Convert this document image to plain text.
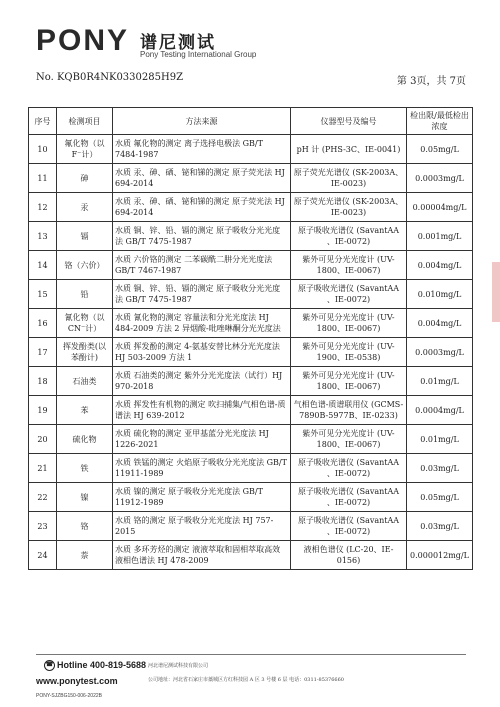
PONY 谱尼测试
Pony Testing International Group
No. KQB0R4NK0330285H9Z	第 3页，共 7页
序号	检测项目	方法来源	仪器型号及编号	检出限/最低检出浓度
10	氟化物（以 F⁻计）	水质 氟化物的测定 离子选择电极法 GB/T 7484-1987	pH 计 (PHS-3C、IE-0041)	0.05mg/L
11	砷	水质 汞、砷、硒、铋和锑的测定 原子荧光法 HJ 694-2014	原子荧光光谱仪 (SK-2003A、IE-0023)	0.0003mg/L
12	汞	水质 汞、砷、硒、铋和锑的测定 原子荧光法 HJ 694-2014	原子荧光光谱仪 (SK-2003A、IE-0023)	0.00004mg/L
13	镉	水质 铜、锌、铅、镉的测定 原子吸收分光光度法 GB/T 7475-1987	原子吸收光谱仪 (SavantAA 、IE-0072)	0.001mg/L
14	铬（六价）	水质 六价铬的测定 二苯碳酰二肼分光光度法 GB/T 7467-1987	紫外可见分光光度计 (UV-1800、IE-0067)	0.004mg/L
15	铅	水质 铜、锌、铅、镉的测定 原子吸收分光光度法 GB/T 7475-1987	原子吸收光谱仪 (SavantAA 、IE-0072)	0.010mg/L
16	氰化物（以 CN⁻计）	水质 氰化物的测定 容量法和分光光度法 HJ 484-2009 方法 2 异烟酸-吡唑啉酮分光光度法	紫外可见分光光度计 (UV-1800、IE-0067)	0.004mg/L
17	挥发酚类(以苯酚计)	水质 挥发酚的测定 4-氨基安替比林分光光度法 HJ 503-2009 方法 1	紫外可见分光光度计 (UV-1900、IE-0538)	0.0003mg/L
18	石油类	水质 石油类的测定 紫外分光光度法（试行）HJ 970-2018	紫外可见分光光度计 (UV-1800、IE-0067)	0.01mg/L
19	苯	水质 挥发性有机物的测定 吹扫捕集/气相色谱-质谱法 HJ 639-2012	气相色谱-质谱联用仪 (GCMS-7890B-5977B、IE-0233)	0.0004mg/L
20	硫化物	水质 硫化物的测定 亚甲基蓝分光光度法 HJ 1226-2021	紫外可见分光光度计 (UV-1800、IE-0067)	0.01mg/L
21	铁	水质 铁锰的测定 火焰原子吸收分光光度法 GB/T 11911-1989	原子吸收光谱仪 (SavantAA 、IE-0072)	0.03mg/L
22	镍	水质 镍的测定 原子吸收分光光度法 GB/T 11912-1989	原子吸收光谱仪 (SavantAA 、IE-0072)	0.05mg/L
23	铬	水质 铬的测定 原子吸收分光光度法 HJ 757-2015	原子吸收光谱仪 (SavantAA 、IE-0072)	0.03mg/L
24	萘	水质 多环芳烃的测定 液液萃取和固相萃取高效液相色谱法 HJ 478-2009	液相色谱仪 (LC-20、IE-0156)	0.000012mg/L
☎ Hotline 400-819-5688
www.ponytest.com
PONY-SJZBG150-006-2022B
河北谱尼测试科技有限公司
公司地址：河北省石家庄市藁城区方红科技园 A 区 3 号楼 6 层 电话：0311-85376660
